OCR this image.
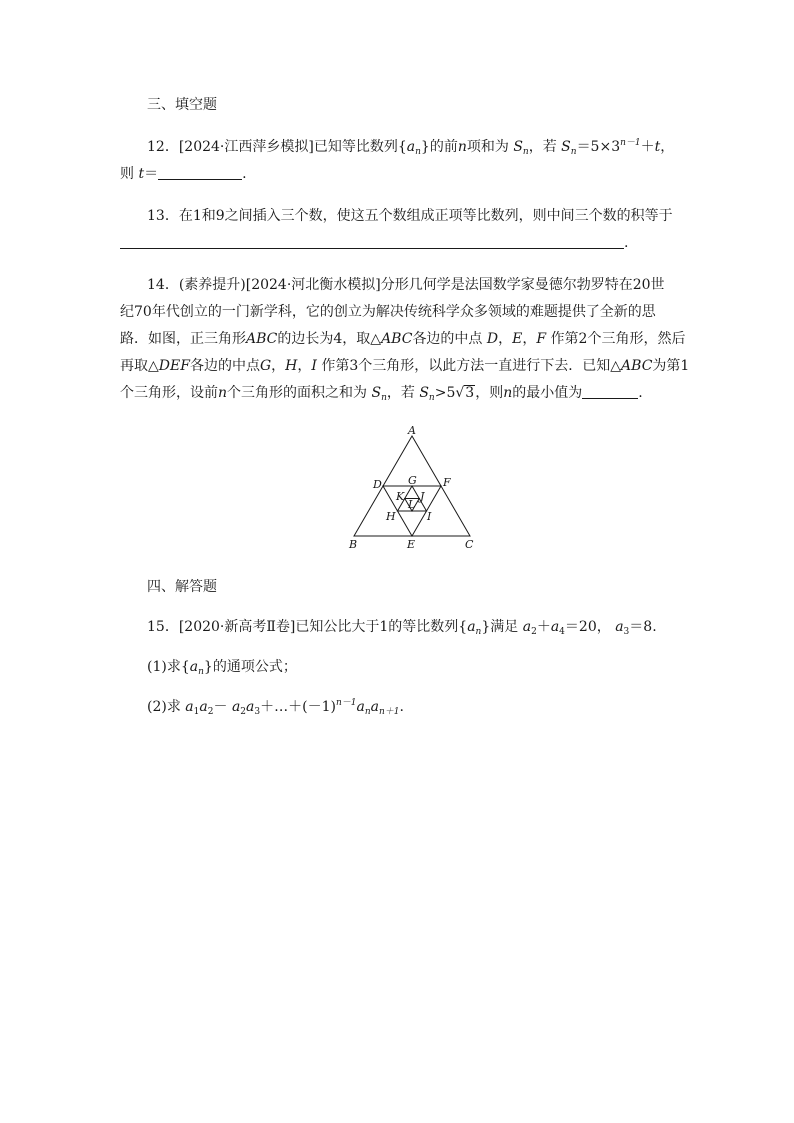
三、填空题
12．[2024·江西萍乡模拟]已知等比数列$\{a_n\}$的前n项和为 $S_n$，若 $S_n=5\times 3^{n-1}+t$，
则 t＝	.
13．在1和9之间插入三个数，使这五个数组成正项等比数列，则中间三个数的积等于
.
14．(素养提升)[2024·河北衡水模拟]分形几何学是法国数学家曼德尔勃罗特在20世
纪70年代创立的一门新学科，它的创立为解决传统科学众多领域的难题提供了全新的思
路．如图，正三角形ABC的边长为4，取△ABC各边的中点 D，E，F 作第2个三角形，然后
再取△DEF各边的中点G，H，I 作第3个三角形，以此方法一直进行下去．已知△ABC为第1
个三角形，设前n个三角形的面积之和为 $S_n$，若 $S_n>5√3$，则n的最小值为	.
A
B	C
D
E
F
G
H	I
J
K
L
四、解答题
15．[2020·新高考Ⅱ卷]已知公比大于1的等比数列$\{a_n\}$满足 $a_2+a_4=20$， $a_3=8$.
(1)求$\{a_n\}$的通项公式；
(2)求 $a_1a_2-$ $a_2a_3+\dots+(-1)^{n-1}a_na_{n+1}$.
